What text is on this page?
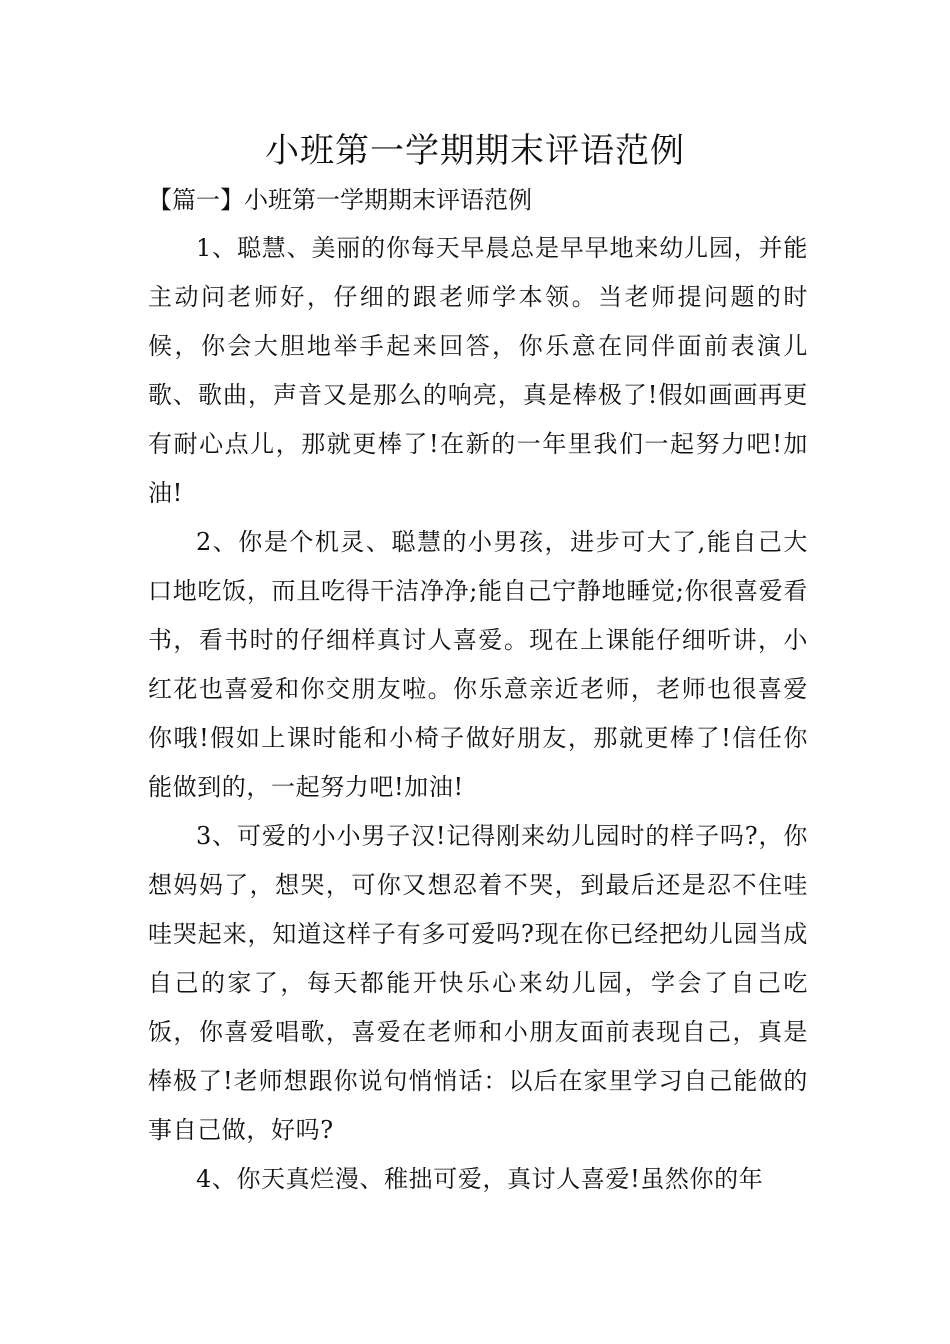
小班第一学期期末评语范例
【篇一】小班第一学期期末评语范例

1、聪慧、美丽的你每天早晨总是早早地来幼儿园，并能主动问老师好，仔细的跟老师学本领。当老师提问题的时候，你会大胆地举手起来回答，你乐意在同伴面前表演儿歌、歌曲，声音又是那么的响亮，真是棒极了!假如画画再更有耐心点儿，那就更棒了!在新的一年里我们一起努力吧!加油!

2、你是个机灵、聪慧的小男孩，进步可大了,能自己大口地吃饭，而且吃得干洁净净;能自己宁静地睡觉;你很喜爱看书，看书时的仔细样真讨人喜爱。现在上课能仔细听讲，小红花也喜爱和你交朋友啦。你乐意亲近老师，老师也很喜爱你哦!假如上课时能和小椅子做好朋友，那就更棒了!信任你能做到的，一起努力吧!加油!

3、可爱的小小男子汉!记得刚来幼儿园时的样子吗?，你想妈妈了，想哭，可你又想忍着不哭，到最后还是忍不住哇哇哭起来，知道这样子有多可爱吗?现在你已经把幼儿园当成自己的家了，每天都能开快乐心来幼儿园，学会了自己吃饭，你喜爱唱歌，喜爱在老师和小朋友面前表现自己，真是棒极了!老师想跟你说句悄悄话：以后在家里学习自己能做的事自己做，好吗?

4、你天真烂漫、稚拙可爱，真讨人喜爱!虽然你的年
